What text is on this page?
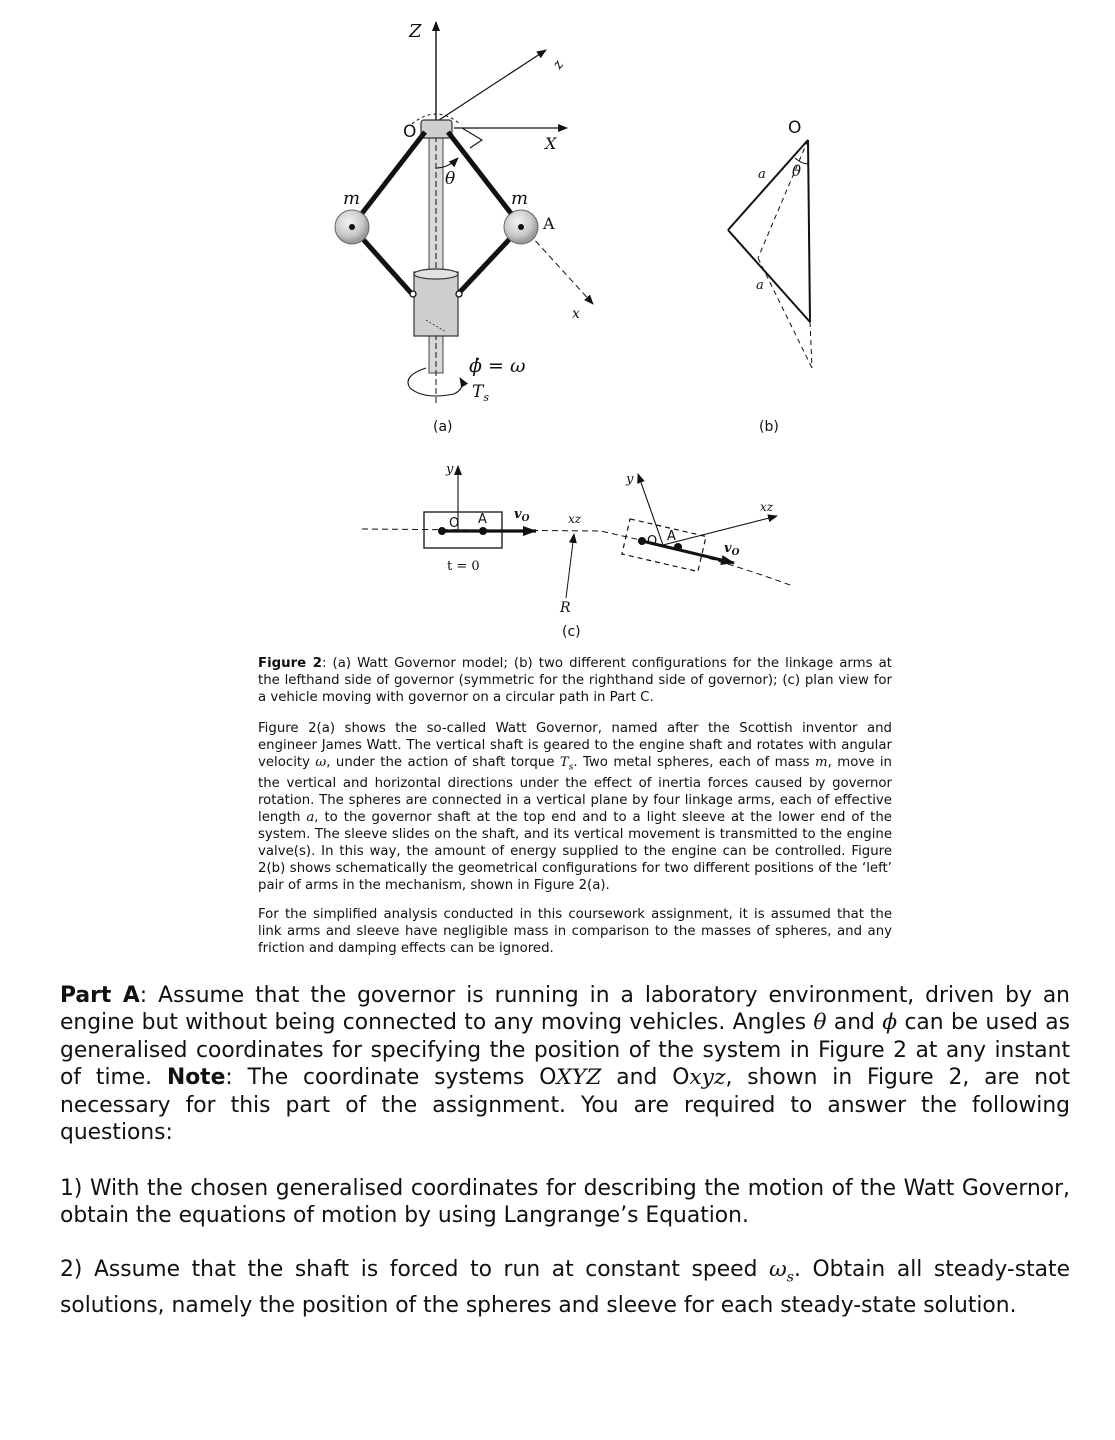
Z
z
X
x
O
θ
m	m
A
ϕ̇ = ω
$T_s$
(a)
O
θ
a
a
(b)
y
O A $v_O$	xz
t = 0
R
(c)
y
xz
O A
$v_O$
Figure 2: (a) Watt Governor model; (b) two different configurations for the linkage arms at the lefthand side of governor (symmetric for the righthand side of governor); (c) plan view for a vehicle moving with governor on a circular path in Part C.
Figure 2(a) shows the so-called Watt Governor, named after the Scottish inventor and engineer James Watt. The vertical shaft is geared to the engine shaft and rotates with angular velocity ω, under the action of shaft torque $T_s$. Two metal spheres, each of mass m, move in the vertical and horizontal directions under the effect of inertia forces caused by governor rotation. The spheres are connected in a vertical plane by four linkage arms, each of effective length a, to the governor shaft at the top end and to a light sleeve at the lower end of the system. The sleeve slides on the shaft, and its vertical movement is transmitted to the engine valve(s). In this way, the amount of energy supplied to the engine can be controlled. Figure 2(b) shows schematically the geometrical configurations for two different positions of the ‘left’ pair of arms in the mechanism, shown in Figure 2(a).
For the simplified analysis conducted in this coursework assignment, it is assumed that the link arms and sleeve have negligible mass in comparison to the masses of spheres, and any friction and damping effects can be ignored.
Part A: Assume that the governor is running in a laboratory environment, driven by an engine but without being connected to any moving vehicles. Angles θ and ϕ can be used as generalised coordinates for specifying the position of the system in Figure 2 at any instant of time. Note: The coordinate systems OXYZ and Oxyz, shown in Figure 2, are not necessary for this part of the assignment. You are required to answer the following questions:
1) With the chosen generalised coordinates for describing the motion of the Watt Governor, obtain the equations of motion by using Langrange’s Equation.
2) Assume that the shaft is forced to run at constant speed $\omega_s$. Obtain all steady-state solutions, namely the position of the spheres and sleeve for each steady-state solution.
